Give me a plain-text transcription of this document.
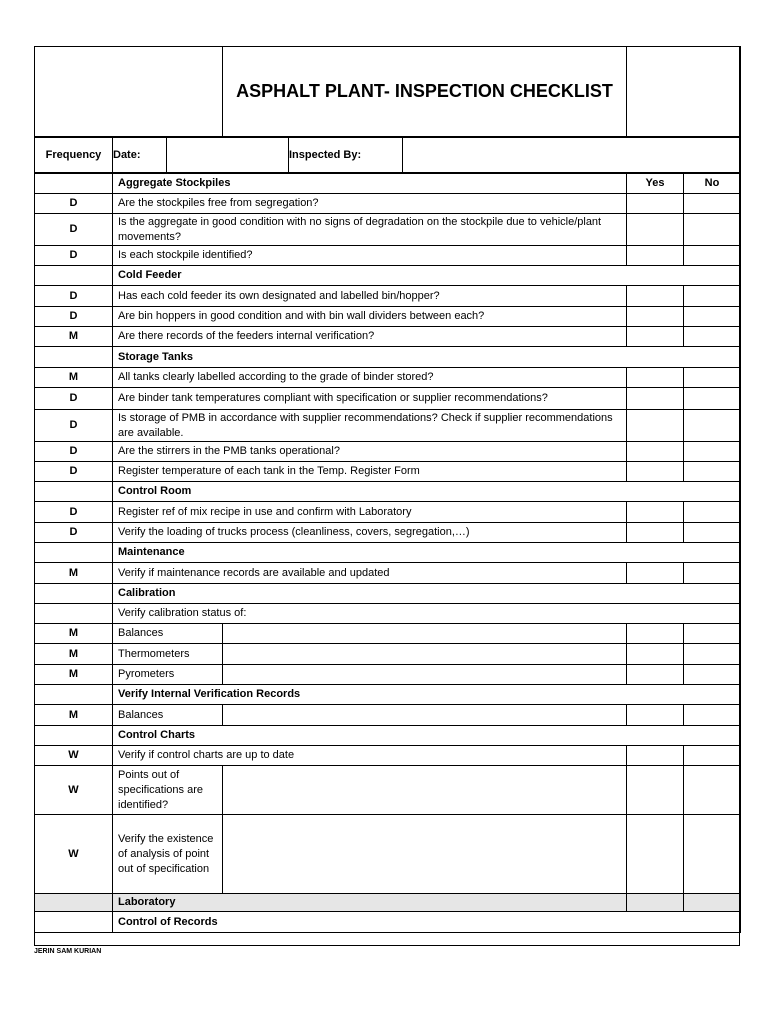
	ASPHALT PLANT- INSPECTION CHECKLIST	
Frequency	Date:		Inspected By:	
	Aggregate Stockpiles		Yes	No
D	Are the stockpiles free from segregation?			
D	Is the aggregate in good condition with no signs of degradation on the stockpile due to vehicle/plant movements?			
D	Is each stockpile identified?			
	Cold Feeder			
D	Has each cold feeder its own designated and labelled bin/hopper?			
D	Are bin hoppers in good condition and with bin wall dividers between each?			
M	Are there records of the feeders internal verification?			
	Storage Tanks			
M	All tanks clearly labelled according to the grade of binder stored?			
D	Are binder tank temperatures compliant with specification or supplier recommendations?			
D	Is storage of PMB in accordance with supplier recommendations? Check if supplier recommendations are available.			
D	Are the stirrers in the PMB tanks operational?			
D	Register temperature of each tank in the Temp. Register Form			
	Control Room			
D	Register ref of mix recipe in use and confirm with Laboratory			
D	Verify the loading of trucks process (cleanliness, covers, segregation,…)			
	Maintenance			
M	Verify if maintenance records are available and updated			
	Calibration			
	Verify calibration status of:			
M	Balances			
M	Thermometers			
M	Pyrometers			
	Verify Internal Verification Records			
M	Balances			
	Control Charts			
W	Verify if control charts are up to date			
W	Points out of specifications are identified?			
W	Verify the existence of analysis of point out of specification			
	Laboratory			
	Control of Records			
JERIN SAM KURIAN
